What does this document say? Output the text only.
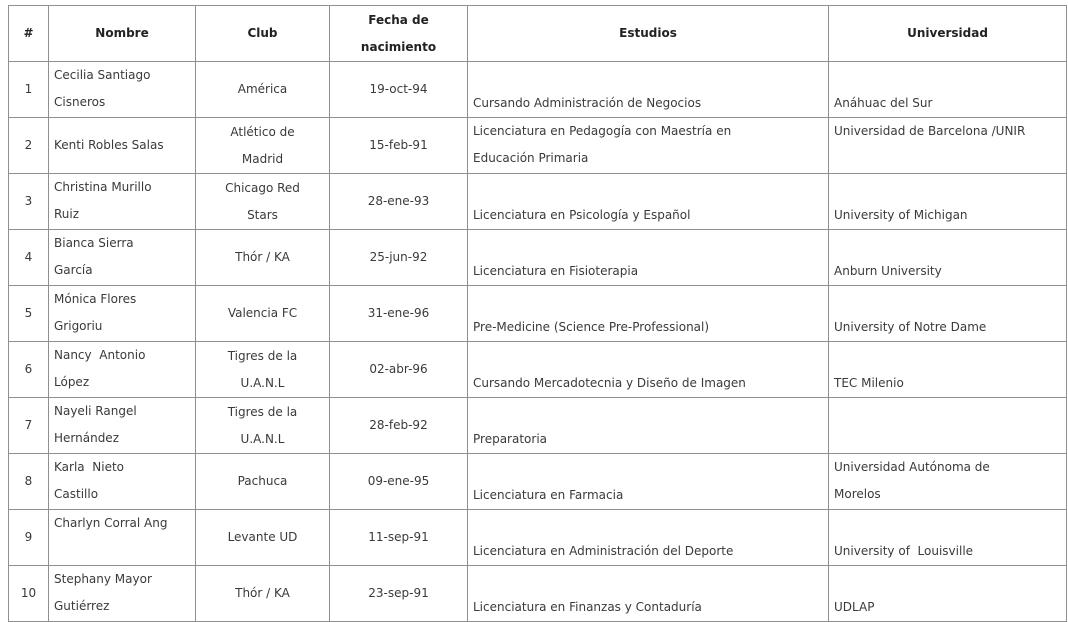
#	Nombre	Club	Fecha de nacimiento	Estudios	Universidad
1	Cecilia Santiago Cisneros	América	19-oct-94	Cursando Administración de Negocios	Anáhuac del Sur
2	Kenti Robles Salas	Atlético de Madrid	15-feb-91	Licenciatura en Pedagogía con Maestría en Educación Primaria	Universidad de Barcelona /UNIR
3	Christina Murillo Ruiz	Chicago Red Stars	28-ene-93	Licenciatura en Psicología y Español	University of Michigan
4	Bianca Sierra García	Thór / KA	25-jun-92	Licenciatura en Fisioterapia	Anburn University
5	Mónica Flores Grigoriu	Valencia FC	31-ene-96	Pre-Medicine (Science Pre-Professional)	University of Notre Dame
6	Nancy  Antonio López	Tigres de la U.A.N.L	02-abr-96	Cursando Mercadotecnia y Diseño de Imagen	TEC Milenio
7	Nayeli Rangel Hernández	Tigres de la U.A.N.L	28-feb-92	Preparatoria	
8	Karla  Nieto Castillo	Pachuca	09-ene-95	Licenciatura en Farmacia	Universidad Autónoma de Morelos
9	Charlyn Corral Ang	Levante UD	11-sep-91	Licenciatura en Administración del Deporte	University of  Louisville
10	Stephany Mayor Gutiérrez	Thór / KA	23-sep-91	Licenciatura en Finanzas y Contaduría	UDLAP
